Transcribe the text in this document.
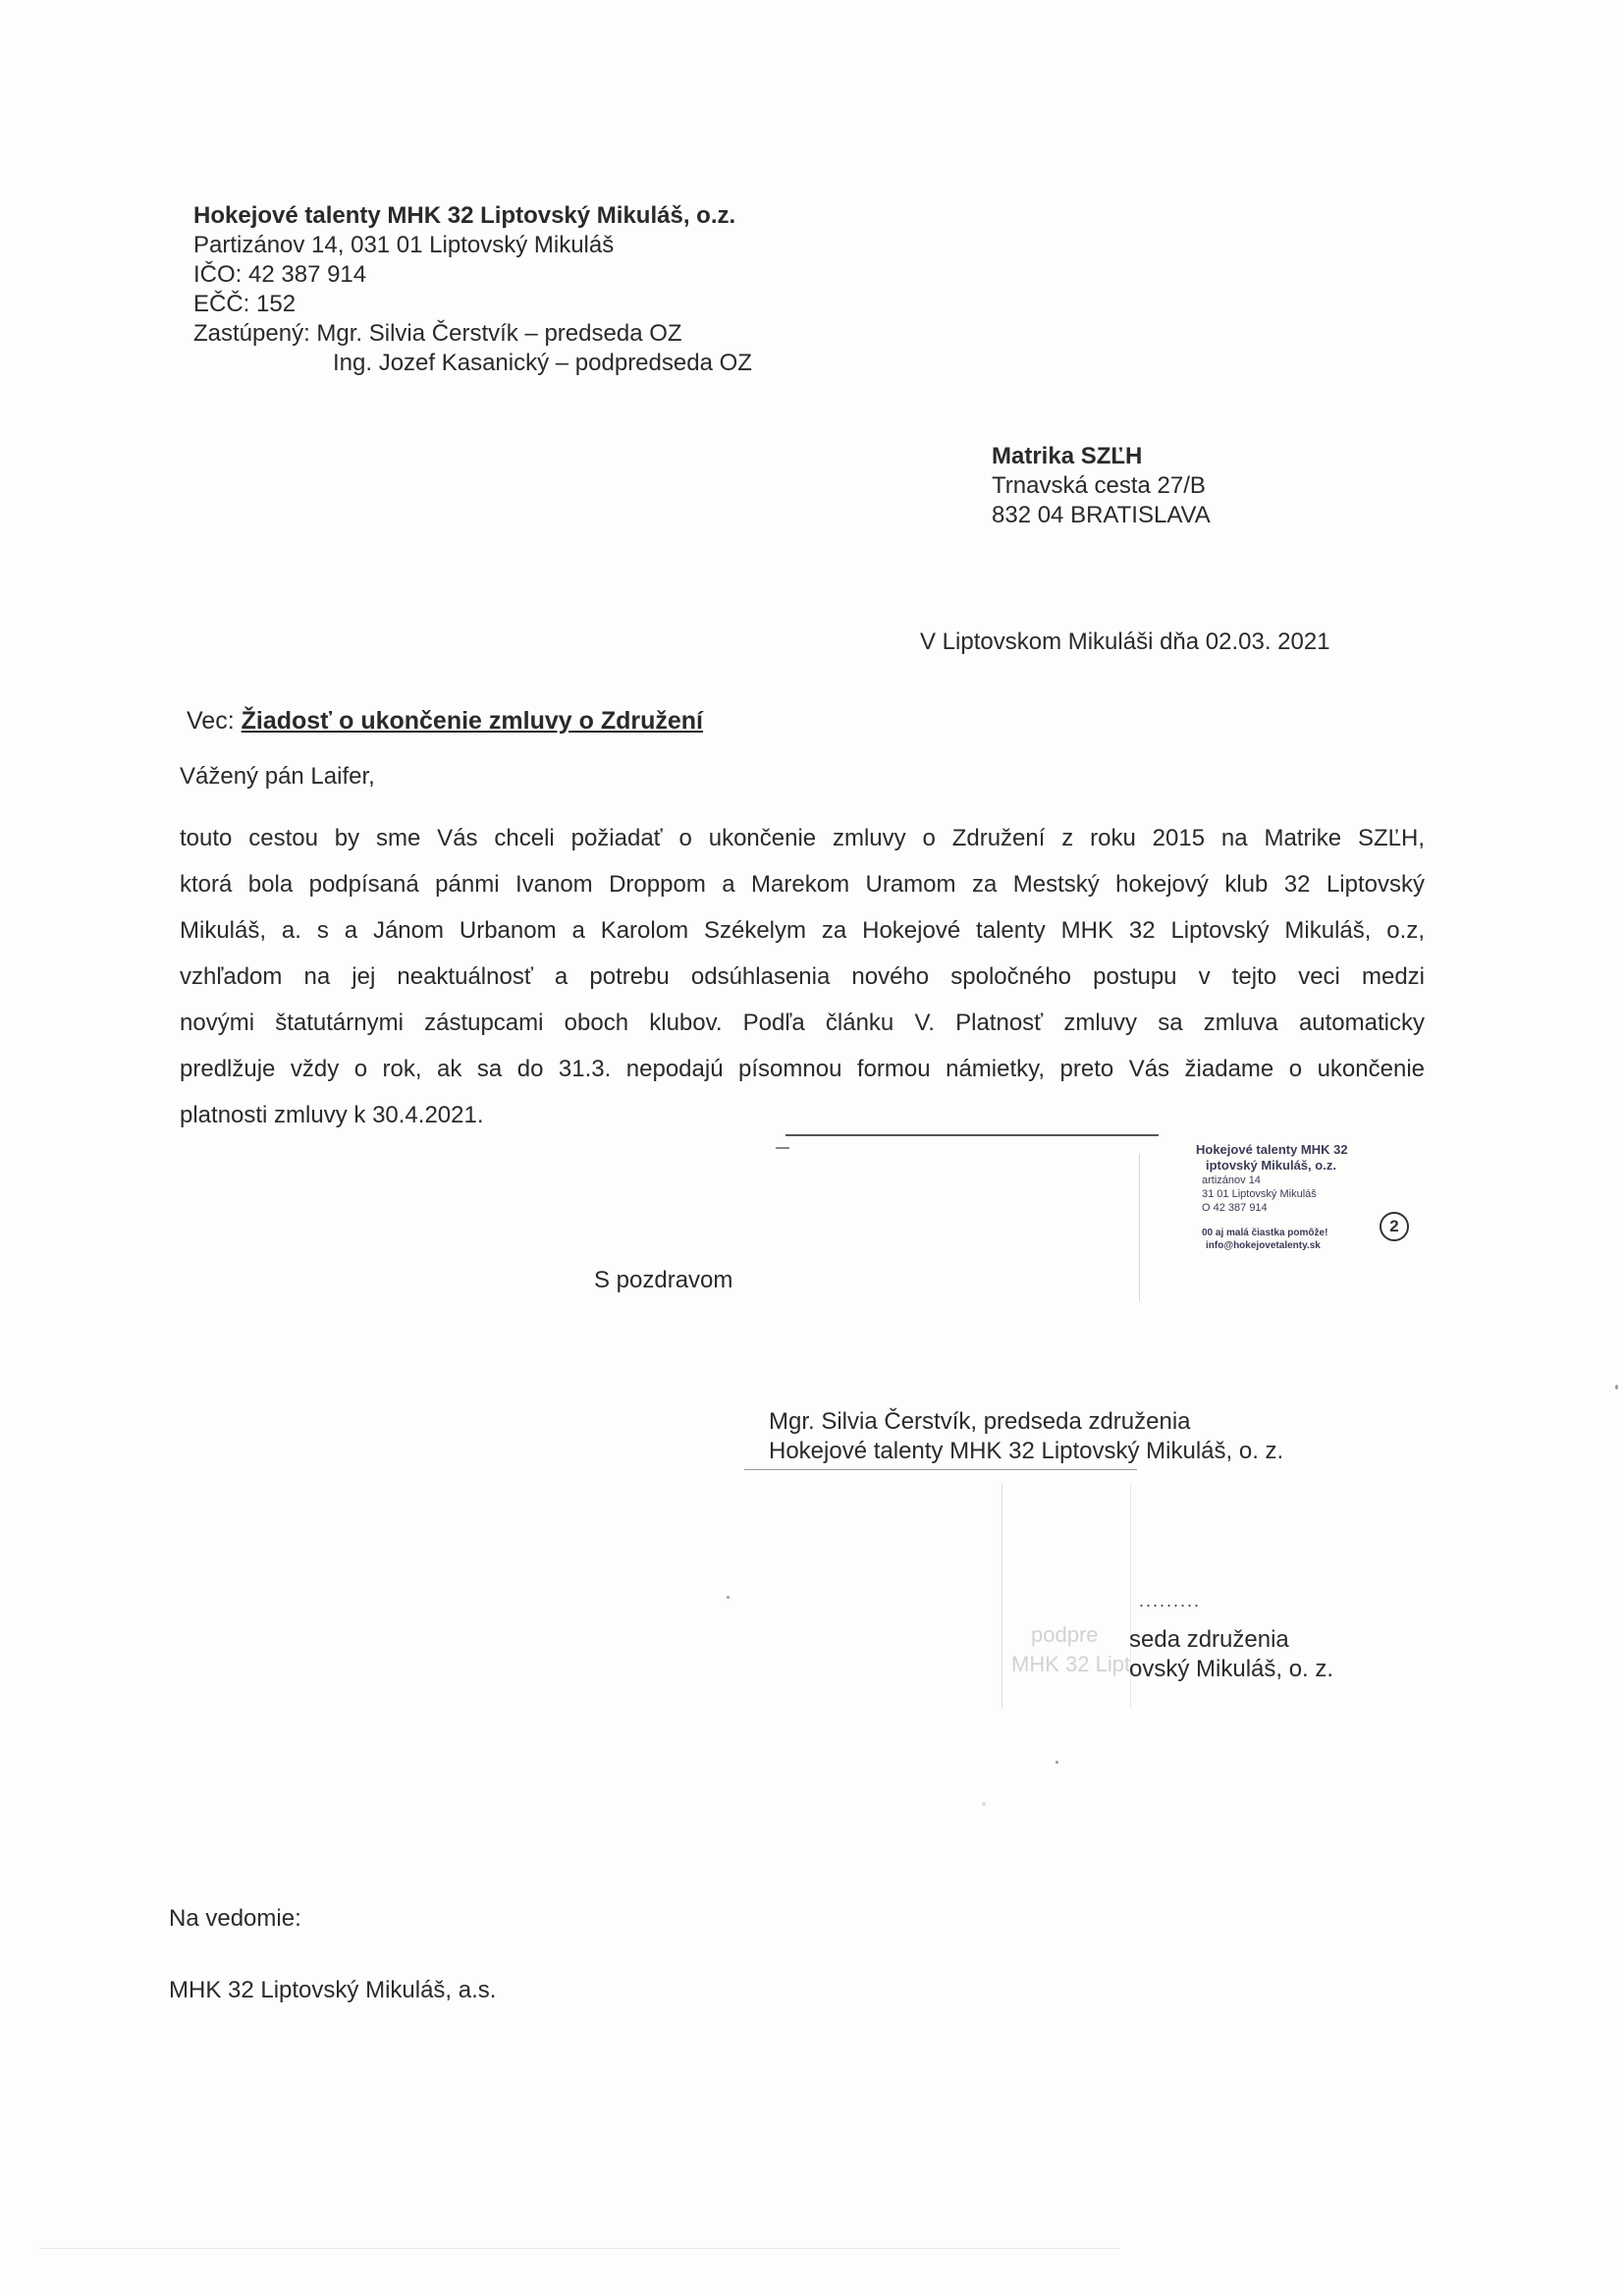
Hokejové talenty MHK 32 Liptovský Mikuláš, o.z.
Partizánov 14, 031 01 Liptovský Mikuláš
IČO: 42 387 914
EČČ: 152
Zastúpený: Mgr. Silvia Čerstvík – predseda OZ
Ing. Jozef Kasanický – podpredseda OZ
Matrika SZĽH
Trnavská cesta 27/B
832 04 BRATISLAVA
V Liptovskom Mikuláši dňa 02.03. 2021
Vec: Žiadosť o ukončenie zmluvy o Združení
Vážený pán Laifer,
touto cestou by sme Vás chceli požiadať o ukončenie zmluvy o Združení z roku 2015 na Matrike SZĽH,
ktorá bola podpísaná pánmi Ivanom Droppom a Marekom Uramom za Mestský hokejový klub 32 Liptovský
Mikuláš, a. s a Jánom Urbanom a Karolom Székelym za Hokejové talenty MHK 32 Liptovský Mikuláš, o.z,
vzhľadom na jej neaktuálnosť a potrebu odsúhlasenia nového spoločného postupu v tejto veci medzi
novými štatutárnymi zástupcami oboch klubov. Podľa článku V. Platnosť zmluvy sa zmluva automaticky
predlžuje vždy o rok, ak sa do 31.3. nepodajú písomnou formou námietky, preto Vás žiadame o ukončenie
platnosti zmluvy k 30.4.2021.
Hokejové talenty MHK 32
iptovský Mikuláš, o.z.
artizánov 14
31 01 Liptovský Mikuláš
O 42 387 914
00 aj malá čiastka pomôže!
info@hokejovetalenty.sk
2
S pozdravom
Mgr. Silvia Čerstvík, predseda združenia
Hokejové talenty MHK 32 Liptovský Mikuláš, o. z.
podpre
MHK 32 Lipt
.........
seda združenia
ovský Mikuláš, o. z.
Na vedomie:
MHK 32 Liptovský Mikuláš, a.s.
